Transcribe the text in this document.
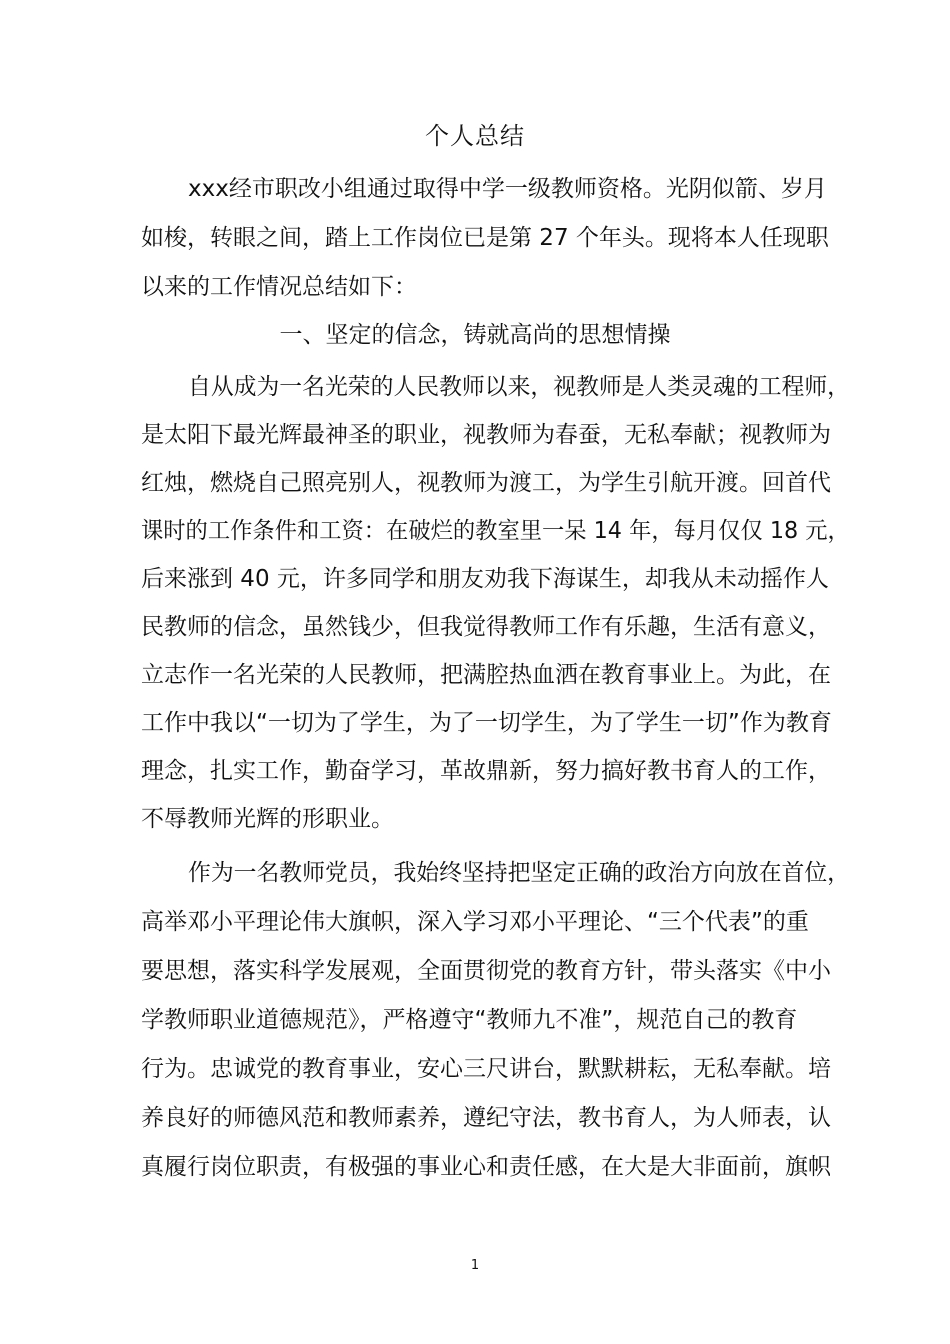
个人总结
xxx经市职改小组通过取得中学一级教师资格。光阴似箭、岁月
如梭，转眼之间，踏上工作岗位已是第 27 个年头。现将本人任现职
以来的工作情况总结如下：
一、坚定的信念，铸就高尚的思想情操
自从成为一名光荣的人民教师以来，视教师是人类灵魂的工程师，
是太阳下最光辉最神圣的职业，视教师为春蚕，无私奉献；视教师为
红烛，燃烧自己照亮别人，视教师为渡工，为学生引航开渡。回首代
课时的工作条件和工资：在破烂的教室里一呆 14 年，每月仅仅 18 元，
后来涨到 40 元，许多同学和朋友劝我下海谋生，却我从未动摇作人
民教师的信念，虽然钱少，但我觉得教师工作有乐趣，生活有意义，
立志作一名光荣的人民教师，把满腔热血洒在教育事业上。为此，在
工作中我以“一切为了学生，为了一切学生，为了学生一切”作为教育
理念，扎实工作，勤奋学习，革故鼎新，努力搞好教书育人的工作，
不辱教师光辉的形职业。
作为一名教师党员，我始终坚持把坚定正确的政治方向放在首位，
高举邓小平理论伟大旗帜，深入学习邓小平理论、“三个代表”的重
要思想，落实科学发展观，全面贯彻党的教育方针，带头落实《中小
学教师职业道德规范》，严格遵守“教师九不准”，规范自己的教育
行为。忠诚党的教育事业，安心三尺讲台，默默耕耘，无私奉献。培
养良好的师德风范和教师素养，遵纪守法，教书育人，为人师表，认
真履行岗位职责，有极强的事业心和责任感，在大是大非面前，旗帜
1
